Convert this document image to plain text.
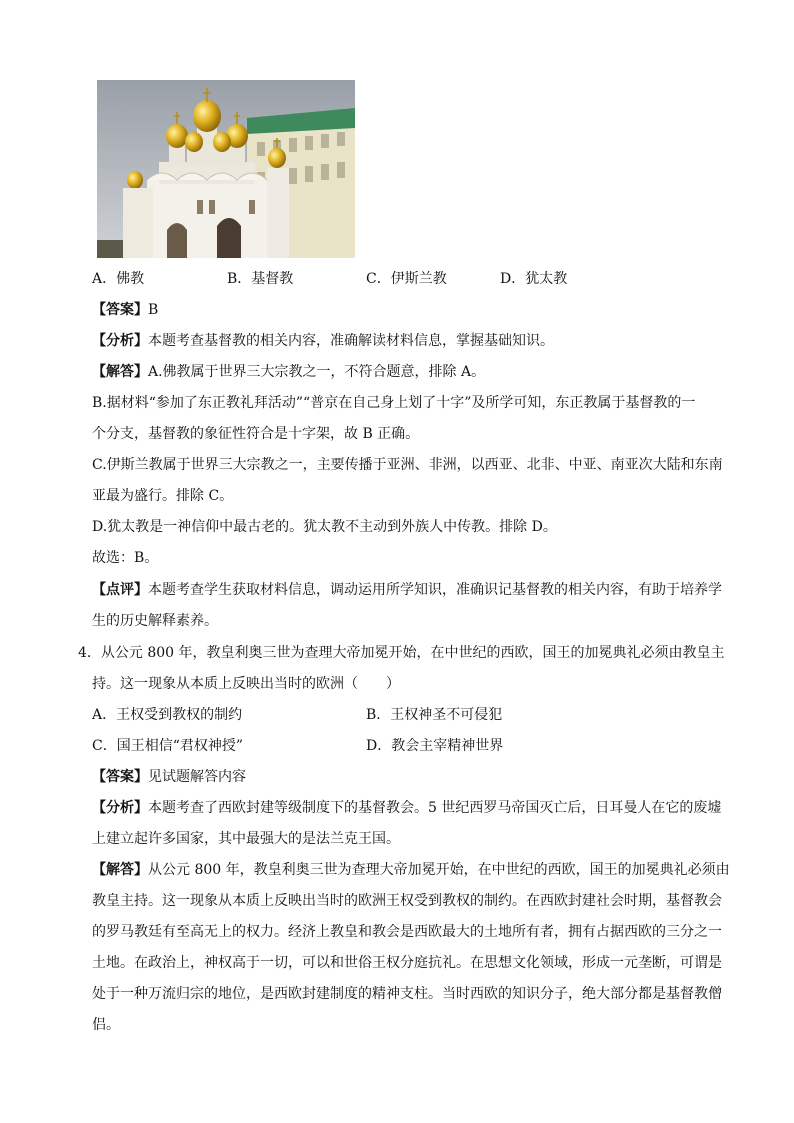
A．佛教	B．基督教	C．伊斯兰教	D．犹太教
【答案】B
【分析】本题考查基督教的相关内容，准确解读材料信息，掌握基础知识。
【解答】A.佛教属于世界三大宗教之一，不符合题意，排除 A。
B.据材料“参加了东正教礼拜活动”“普京在自己身上划了十字”及所学可知，东正教属于基督教的一
个分支，基督教的象征性符合是十字架，故 B 正确。
C.伊斯兰教属于世界三大宗教之一，主要传播于亚洲、非洲，以西亚、北非、中亚、南亚次大陆和东南
亚最为盛行。排除 C。
D.犹太教是一神信仰中最古老的。犹太教不主动到外族人中传教。排除 D。
故选：B。
【点评】本题考查学生获取材料信息，调动运用所学知识，准确识记基督教的相关内容，有助于培养学
生的历史解释素养。
4．从公元 800 年，教皇利奥三世为查理大帝加冕开始，在中世纪的西欧，国王的加冕典礼必须由教皇主
持。这一现象从本质上反映出当时的欧洲（　　）
A．王权受到教权的制约	B．王权神圣不可侵犯
C．国王相信“君权神授”	D．教会主宰精神世界
【答案】见试题解答内容
【分析】本题考查了西欧封建等级制度下的基督教会。5 世纪西罗马帝国灭亡后，日耳曼人在它的废墟
上建立起许多国家，其中最强大的是法兰克王国。
【解答】从公元 800 年，教皇利奥三世为查理大帝加冕开始，在中世纪的西欧，国王的加冕典礼必须由
教皇主持。这一现象从本质上反映出当时的欧洲王权受到教权的制约。在西欧封建社会时期，基督教会
的罗马教廷有至高无上的权力。经济上教皇和教会是西欧最大的土地所有者，拥有占据西欧的三分之一
土地。在政治上，神权高于一切，可以和世俗王权分庭抗礼。在思想文化领域，形成一元垄断，可谓是
处于一种万流归宗的地位，是西欧封建制度的精神支柱。当时西欧的知识分子，绝大部分都是基督教僧
侣。
